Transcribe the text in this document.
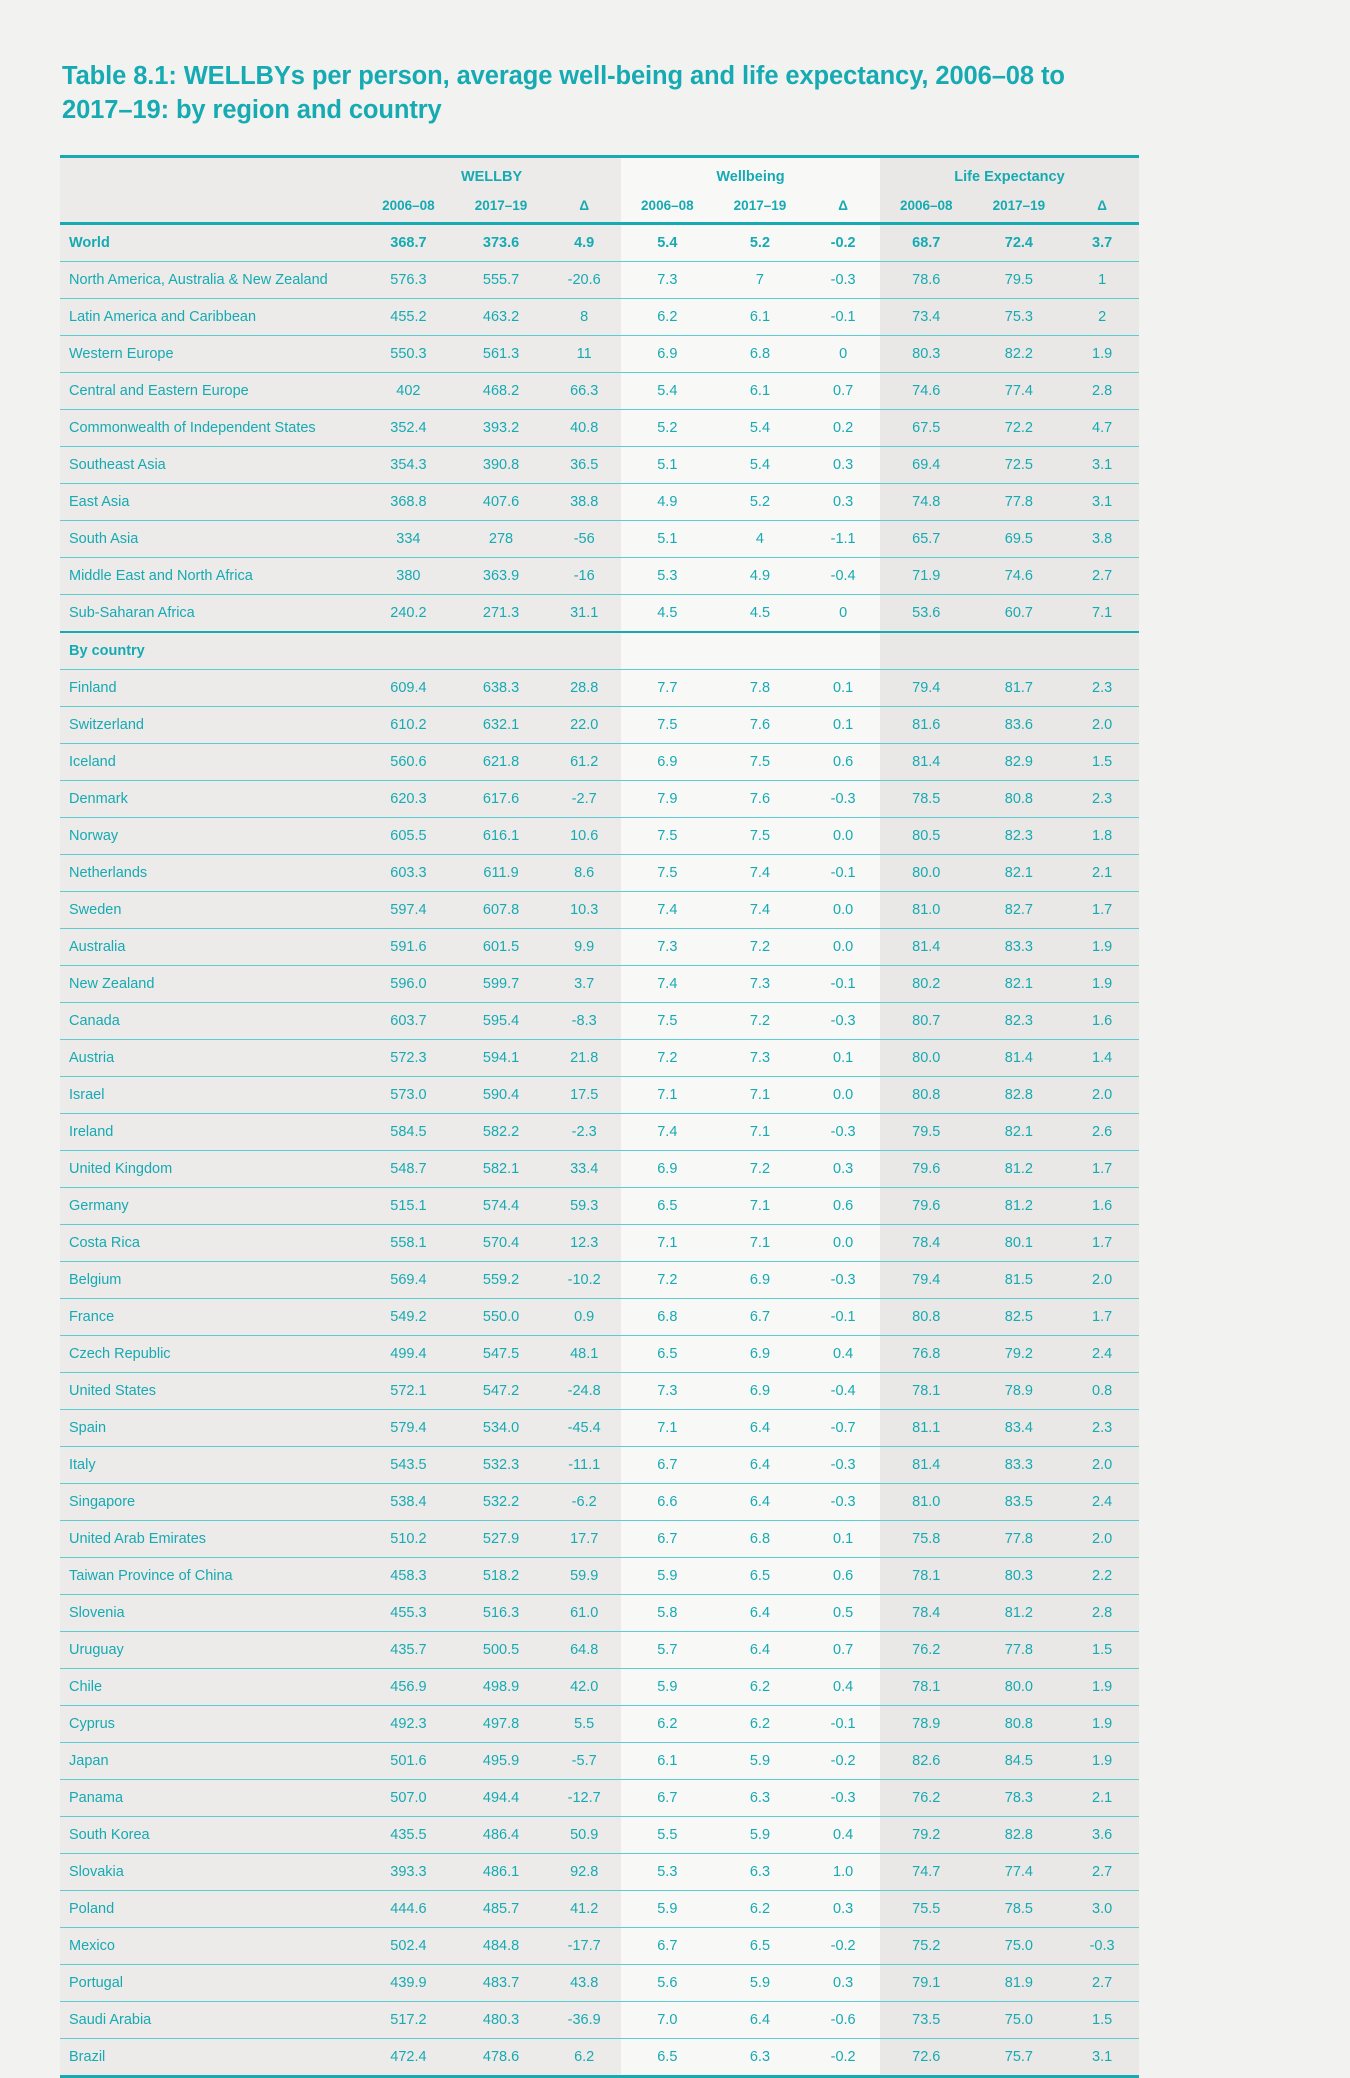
Table 8.1: WELLBYs per person, average well-being and life expectancy, 2006–08 to 2017–19: by region and country
	WELLBY			Wellbeing			Life Expectancy		
	2006–08	2017–19	Δ	2006–08	2017–19	Δ	2006–08	2017–19	Δ
World	368.7	373.6	4.9	5.4	5.2	-0.2	68.7	72.4	3.7
North America, Australia & New Zealand	576.3	555.7	-20.6	7.3	7	-0.3	78.6	79.5	1
Latin America and Caribbean	455.2	463.2	8	6.2	6.1	-0.1	73.4	75.3	2
Western Europe	550.3	561.3	11	6.9	6.8	0	80.3	82.2	1.9
Central and Eastern Europe	402	468.2	66.3	5.4	6.1	0.7	74.6	77.4	2.8
Commonwealth of Independent States	352.4	393.2	40.8	5.2	5.4	0.2	67.5	72.2	4.7
Southeast Asia	354.3	390.8	36.5	5.1	5.4	0.3	69.4	72.5	3.1
East Asia	368.8	407.6	38.8	4.9	5.2	0.3	74.8	77.8	3.1
South Asia	334	278	-56	5.1	4	-1.1	65.7	69.5	3.8
Middle East and North Africa	380	363.9	-16	5.3	4.9	-0.4	71.9	74.6	2.7
Sub-Saharan Africa	240.2	271.3	31.1	4.5	4.5	0	53.6	60.7	7.1
By country									
Finland	609.4	638.3	28.8	7.7	7.8	0.1	79.4	81.7	2.3
Switzerland	610.2	632.1	22.0	7.5	7.6	0.1	81.6	83.6	2.0
Iceland	560.6	621.8	61.2	6.9	7.5	0.6	81.4	82.9	1.5
Denmark	620.3	617.6	-2.7	7.9	7.6	-0.3	78.5	80.8	2.3
Norway	605.5	616.1	10.6	7.5	7.5	0.0	80.5	82.3	1.8
Netherlands	603.3	611.9	8.6	7.5	7.4	-0.1	80.0	82.1	2.1
Sweden	597.4	607.8	10.3	7.4	7.4	0.0	81.0	82.7	1.7
Australia	591.6	601.5	9.9	7.3	7.2	0.0	81.4	83.3	1.9
New Zealand	596.0	599.7	3.7	7.4	7.3	-0.1	80.2	82.1	1.9
Canada	603.7	595.4	-8.3	7.5	7.2	-0.3	80.7	82.3	1.6
Austria	572.3	594.1	21.8	7.2	7.3	0.1	80.0	81.4	1.4
Israel	573.0	590.4	17.5	7.1	7.1	0.0	80.8	82.8	2.0
Ireland	584.5	582.2	-2.3	7.4	7.1	-0.3	79.5	82.1	2.6
United Kingdom	548.7	582.1	33.4	6.9	7.2	0.3	79.6	81.2	1.7
Germany	515.1	574.4	59.3	6.5	7.1	0.6	79.6	81.2	1.6
Costa Rica	558.1	570.4	12.3	7.1	7.1	0.0	78.4	80.1	1.7
Belgium	569.4	559.2	-10.2	7.2	6.9	-0.3	79.4	81.5	2.0
France	549.2	550.0	0.9	6.8	6.7	-0.1	80.8	82.5	1.7
Czech Republic	499.4	547.5	48.1	6.5	6.9	0.4	76.8	79.2	2.4
United States	572.1	547.2	-24.8	7.3	6.9	-0.4	78.1	78.9	0.8
Spain	579.4	534.0	-45.4	7.1	6.4	-0.7	81.1	83.4	2.3
Italy	543.5	532.3	-11.1	6.7	6.4	-0.3	81.4	83.3	2.0
Singapore	538.4	532.2	-6.2	6.6	6.4	-0.3	81.0	83.5	2.4
United Arab Emirates	510.2	527.9	17.7	6.7	6.8	0.1	75.8	77.8	2.0
Taiwan Province of China	458.3	518.2	59.9	5.9	6.5	0.6	78.1	80.3	2.2
Slovenia	455.3	516.3	61.0	5.8	6.4	0.5	78.4	81.2	2.8
Uruguay	435.7	500.5	64.8	5.7	6.4	0.7	76.2	77.8	1.5
Chile	456.9	498.9	42.0	5.9	6.2	0.4	78.1	80.0	1.9
Cyprus	492.3	497.8	5.5	6.2	6.2	-0.1	78.9	80.8	1.9
Japan	501.6	495.9	-5.7	6.1	5.9	-0.2	82.6	84.5	1.9
Panama	507.0	494.4	-12.7	6.7	6.3	-0.3	76.2	78.3	2.1
South Korea	435.5	486.4	50.9	5.5	5.9	0.4	79.2	82.8	3.6
Slovakia	393.3	486.1	92.8	5.3	6.3	1.0	74.7	77.4	2.7
Poland	444.6	485.7	41.2	5.9	6.2	0.3	75.5	78.5	3.0
Mexico	502.4	484.8	-17.7	6.7	6.5	-0.2	75.2	75.0	-0.3
Portugal	439.9	483.7	43.8	5.6	5.9	0.3	79.1	81.9	2.7
Saudi Arabia	517.2	480.3	-36.9	7.0	6.4	-0.6	73.5	75.0	1.5
Brazil	472.4	478.6	6.2	6.5	6.3	-0.2	72.6	75.7	3.1
